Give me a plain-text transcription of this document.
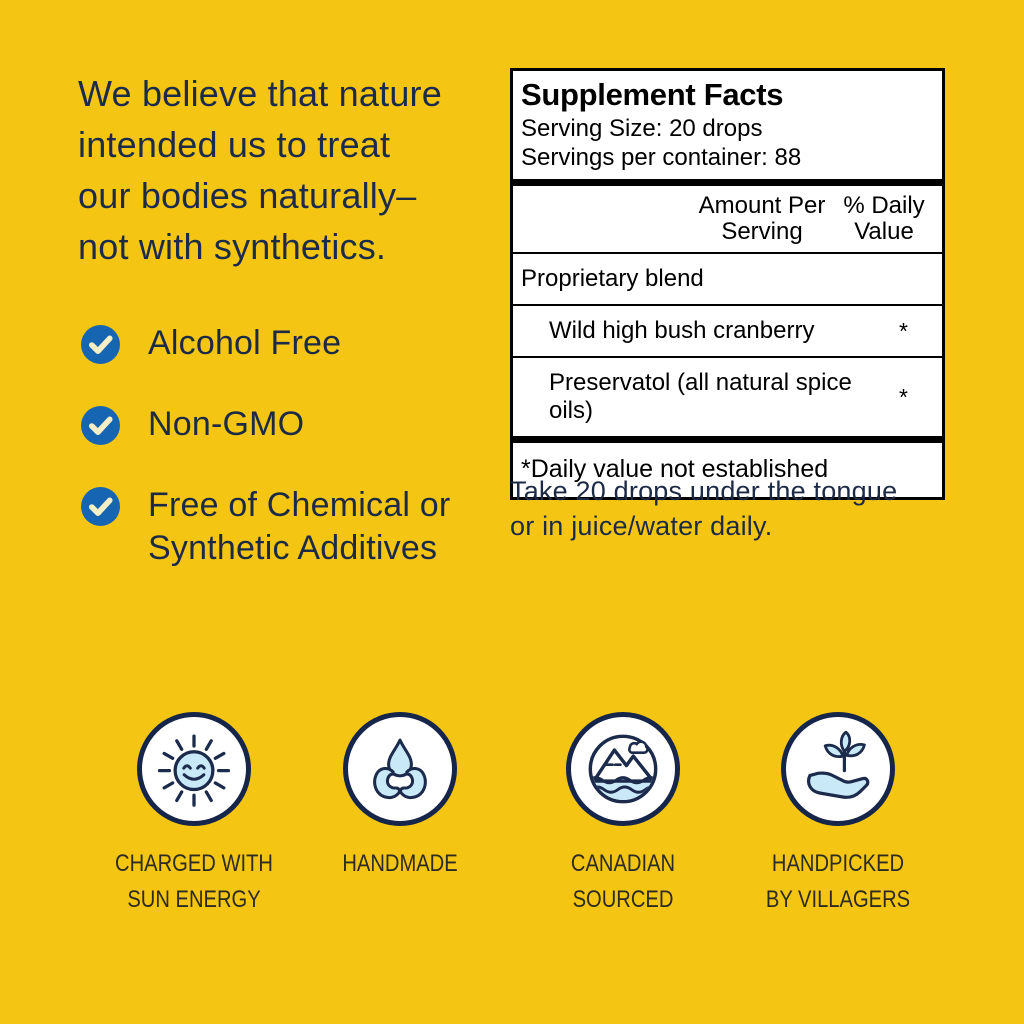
We believe that nature
intended us to treat
our bodies naturally–
not with synthetics.
Alcohol Free
Non-GMO
Free of Chemical or Synthetic Additives
Supplement Facts
Serving Size: 20 drops
Servings per container: 88
Amount Per
Serving
% Daily
Value
Proprietary blend
Wild high bush cranberry	*
Preservatol (all natural spice oils)
*
*Daily value not established
Take 20 drops under the tongue
or in juice/water daily.
CHARGED WITH
SUN ENERGY
HANDMADE	CANADIAN
SOURCED
HANDPICKED
BY VILLAGERS
